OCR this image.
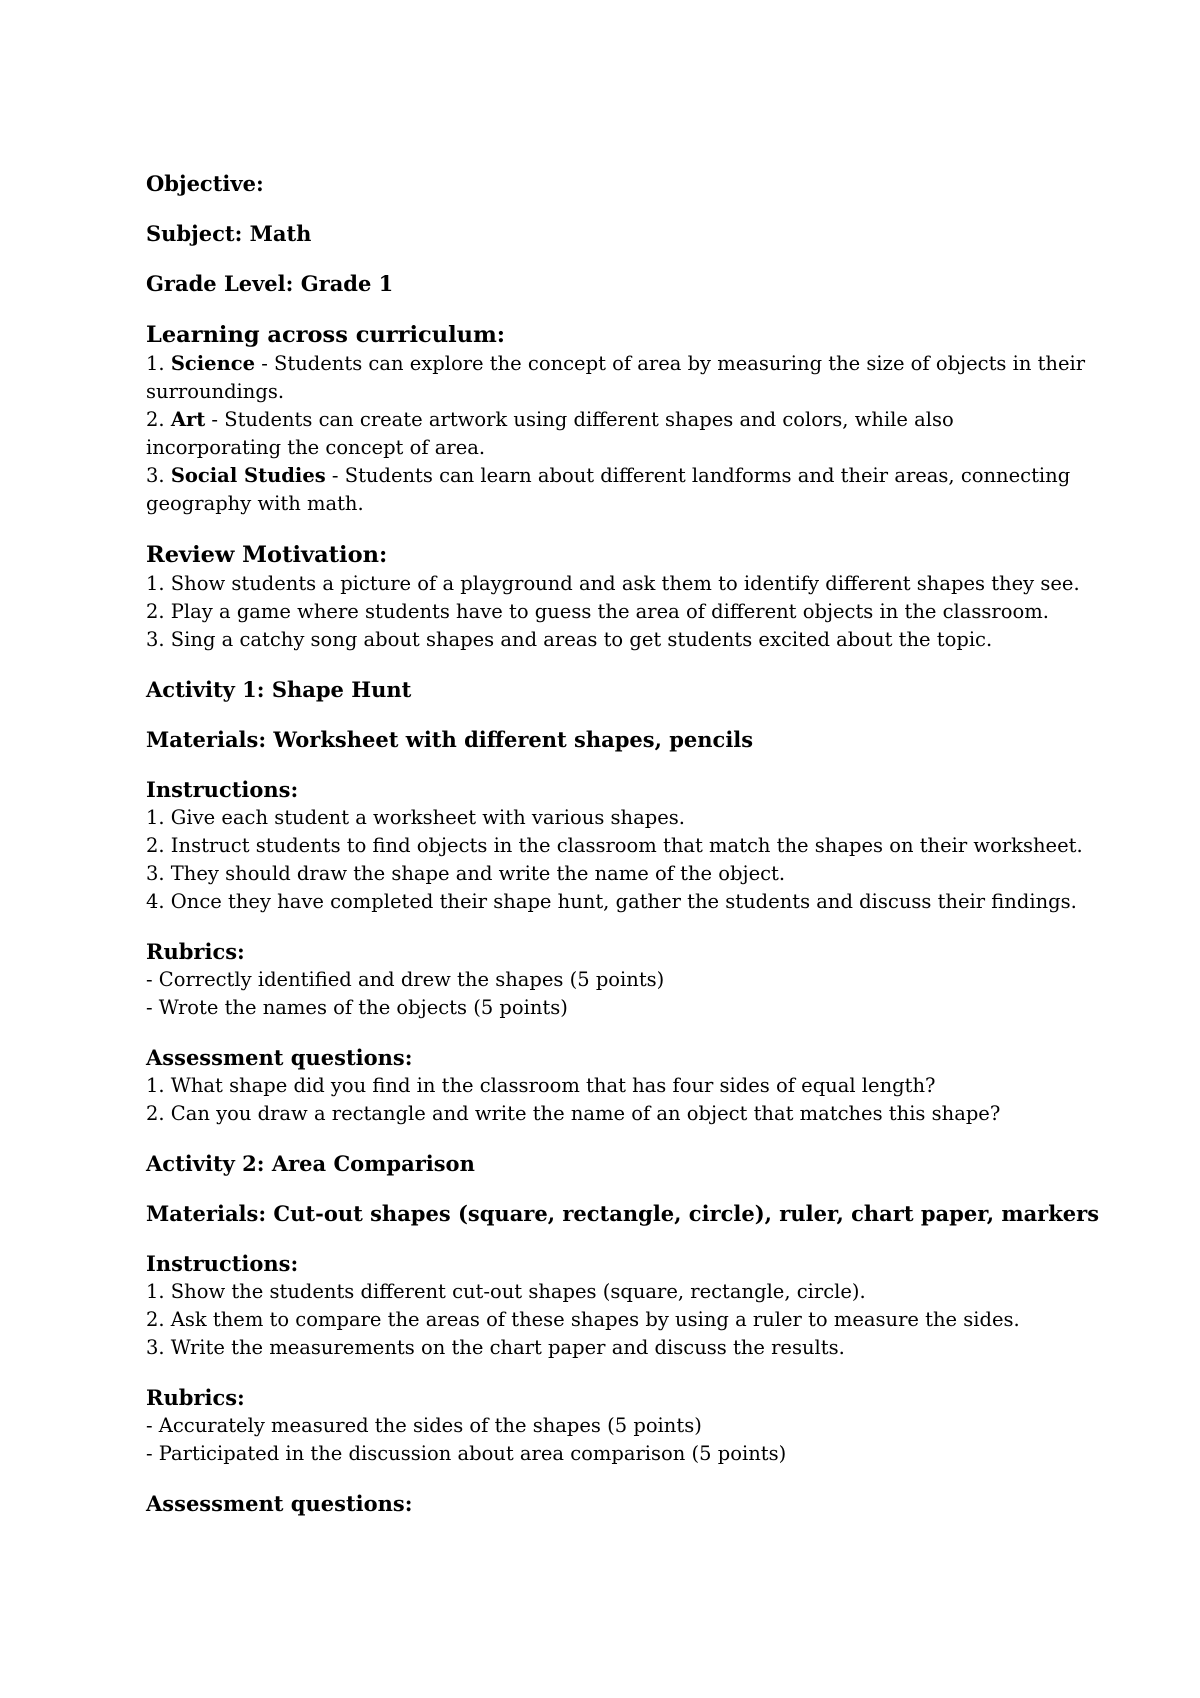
Objective:

Subject: Math

Grade Level: Grade 1

Learning across curriculum:

1. Science - Students can explore the concept of area by measuring the size of objects in their

surroundings.

2. Art - Students can create artwork using different shapes and colors, while also

incorporating the concept of area.

3. Social Studies - Students can learn about different landforms and their areas, connecting

geography with math.

Review Motivation:

1. Show students a picture of a playground and ask them to identify different shapes they see.

2. Play a game where students have to guess the area of different objects in the classroom.

3. Sing a catchy song about shapes and areas to get students excited about the topic.

Activity 1: Shape Hunt

Materials: Worksheet with different shapes, pencils

Instructions:

1. Give each student a worksheet with various shapes.

2. Instruct students to find objects in the classroom that match the shapes on their worksheet.

3. They should draw the shape and write the name of the object.

4. Once they have completed their shape hunt, gather the students and discuss their findings.

Rubrics:

- Correctly identified and drew the shapes (5 points)

- Wrote the names of the objects (5 points)

Assessment questions:

1. What shape did you find in the classroom that has four sides of equal length?

2. Can you draw a rectangle and write the name of an object that matches this shape?

Activity 2: Area Comparison

Materials: Cut-out shapes (square, rectangle, circle), ruler, chart paper, markers

Instructions:

1. Show the students different cut-out shapes (square, rectangle, circle).

2. Ask them to compare the areas of these shapes by using a ruler to measure the sides.

3. Write the measurements on the chart paper and discuss the results.

Rubrics:

- Accurately measured the sides of the shapes (5 points)

- Participated in the discussion about area comparison (5 points)

Assessment questions:
